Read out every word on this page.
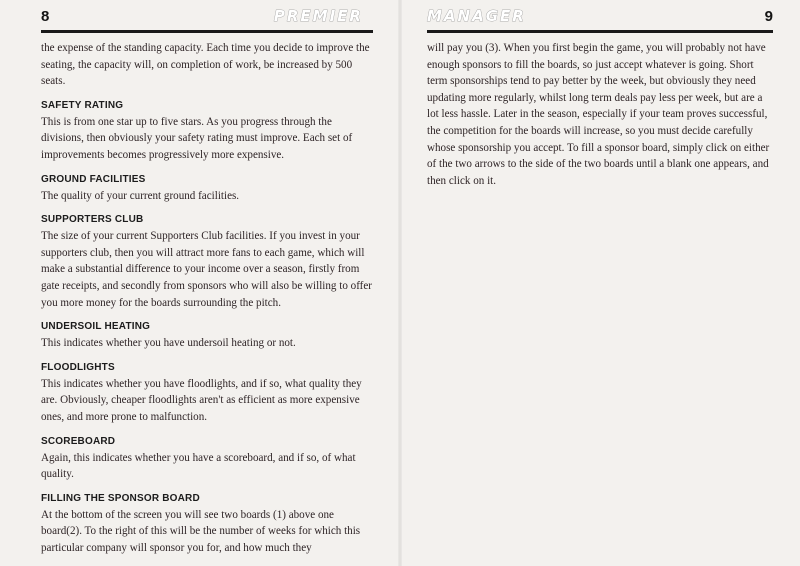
8	PREMIER

the expense of the standing capacity. Each time you decide to improve the seating, the capacity will, on completion of work, be increased by 500 seats.

SAFETY RATING

This is from one star up to five stars. As you progress through the divisions, then obviously your safety rating must improve. Each set of improvements becomes progressively more expensive.

GROUND FACILITIES

The quality of your current ground facilities.

SUPPORTERS CLUB

The size of your current Supporters Club facilities. If you invest in your supporters club, then you will attract more fans to each game, which will make a substantial difference to your income over a season, firstly from gate receipts, and secondly from sponsors who will also be willing to offer you more money for the boards surrounding the pitch.

UNDERSOIL HEATING

This indicates whether you have undersoil heating or not.

FLOODLIGHTS

This indicates whether you have floodlights, and if so, what quality they are. Obviously, cheaper floodlights aren't as efficient as more expensive ones, and more prone to malfunction.

SCOREBOARD

Again, this indicates whether you have a scoreboard, and if so, of what quality.

FILLING THE SPONSOR BOARD

At the bottom of the screen you will see two boards (1) above one board(2). To the right of this will be the number of weeks for which this particular company will sponsor you for, and how much they

MANAGER	9

will pay you (3). When you first begin the game, you will probably not have enough sponsors to fill the boards, so just accept whatever is going. Short term sponsorships tend to pay better by the week, but obviously they need updating more regularly, whilst long term deals pay less per week, but are a lot less hassle. Later in the season, especially if your team proves successful, the competition for the boards will increase, so you must decide carefully whose sponsorship you accept. To fill a sponsor board, simply click on either of the two arrows to the side of the two boards until a blank one appears, and then click on it.
